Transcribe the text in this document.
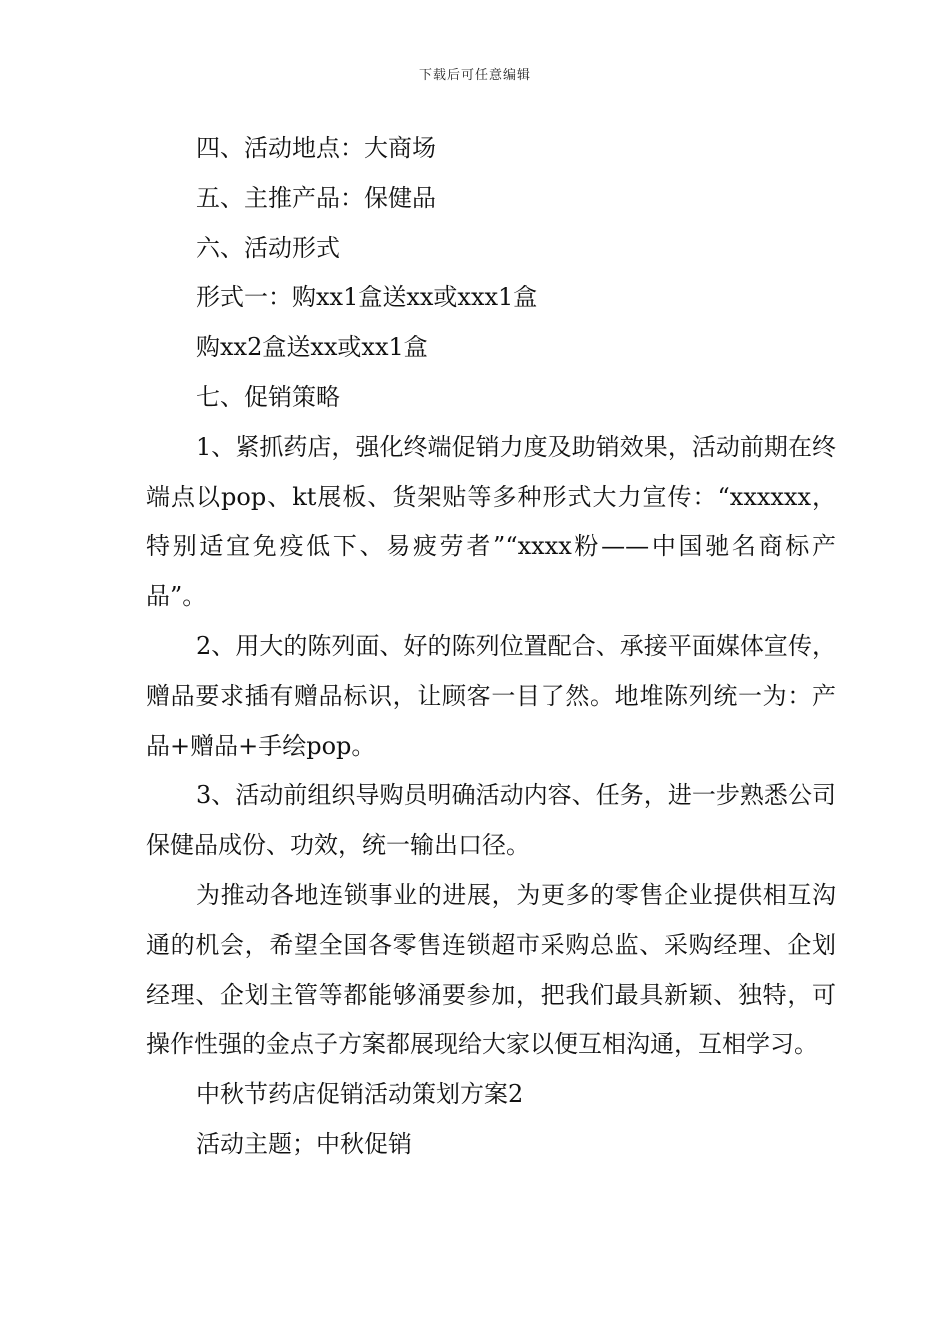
下载后可任意编辑

四、活动地点：大商场

五、主推产品：保健品

六、活动形式

形式一：购xx1盒送xx或xxx1盒

购xx2盒送xx或xx1盒

七、促销策略

1、紧抓药店，强化终端促销力度及助销效果，活动前期在终端点以pop、kt展板、货架贴等多种形式大力宣传：“xxxxxx，特别适宜免疫低下、易疲劳者”“xxxx粉——中国驰名商标产品”。

2、用大的陈列面、好的陈列位置配合、承接平面媒体宣传，赠品要求插有赠品标识，让顾客一目了然。地堆陈列统一为：产品+赠品+手绘pop。

3、活动前组织导购员明确活动内容、任务，进一步熟悉公司保健品成份、功效，统一输出口径。

为推动各地连锁事业的进展，为更多的零售企业提供相互沟通的机会，希望全国各零售连锁超市采购总监、采购经理、企划经理、企划主管等都能够涌要参加，把我们最具新颖、独特，可操作性强的金点子方案都展现给大家以便互相沟通，互相学习。

中秋节药店促销活动策划方案2

活动主题；中秋促销
